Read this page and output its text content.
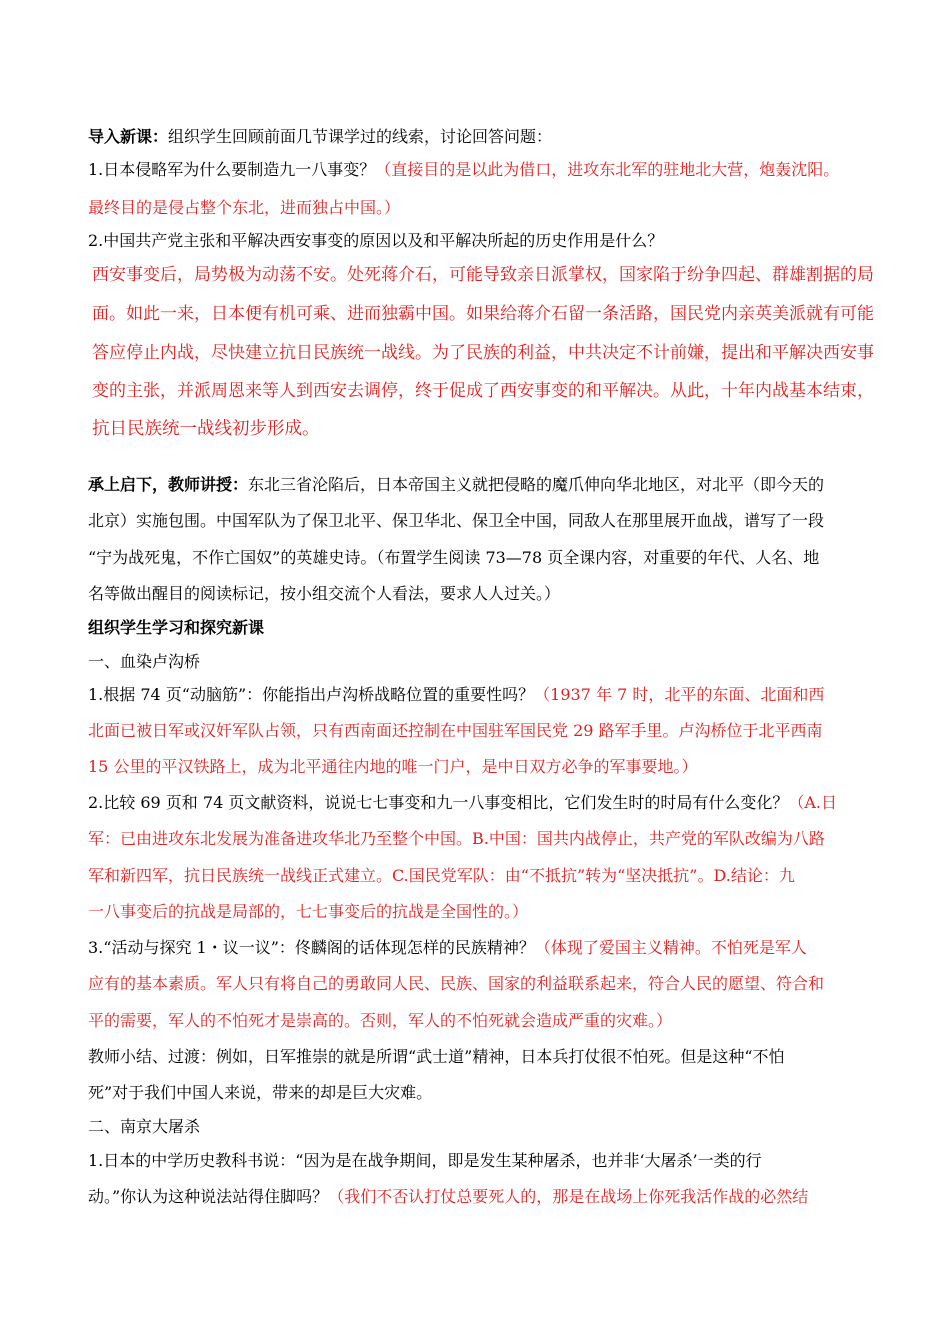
导入新课：组织学生回顾前面几节课学过的线索，讨论回答问题：
1.日本侵略军为什么要制造九一八事变？（直接目的是以此为借口，进攻东北军的驻地北大营，炮轰沈阳。
最终目的是侵占整个东北，进而独占中国。）
2.中国共产党主张和平解决西安事变的原因以及和平解决所起的历史作用是什么？
西安事变后，局势极为动荡不安。处死蒋介石，可能导致亲日派掌权，国家陷于纷争四起、群雄割据的局
面。如此一来，日本便有机可乘、进而独霸中国。如果给蒋介石留一条活路，国民党内亲英美派就有可能
答应停止内战，尽快建立抗日民族统一战线。为了民族的利益，中共决定不计前嫌，提出和平解决西安事
变的主张，并派周恩来等人到西安去调停，终于促成了西安事变的和平解决。从此，十年内战基本结束，
抗日民族统一战线初步形成。
承上启下，教师讲授：东北三省沦陷后，日本帝国主义就把侵略的魔爪伸向华北地区，对北平（即今天的
北京）实施包围。中国军队为了保卫北平、保卫华北、保卫全中国，同敌人在那里展开血战，谱写了一段
“宁为战死鬼，不作亡国奴”的英雄史诗。（布置学生阅读 73—78 页全课内容，对重要的年代、人名、地
名等做出醒目的阅读标记，按小组交流个人看法，要求人人过关。）
组织学生学习和探究新课
一、血染卢沟桥
1.根据 74 页“动脑筋”：你能指出卢沟桥战略位置的重要性吗？（1937 年 7 时，北平的东面、北面和西
北面已被日军或汉奸军队占领，只有西南面还控制在中国驻军国民党 29 路军手里。卢沟桥位于北平西南
15 公里的平汉铁路上，成为北平通往内地的唯一门户，是中日双方必争的军事要地。）
2.比较 69 页和 74 页文献资料，说说七七事变和九一八事变相比，它们发生时的时局有什么变化？（A.日
军：已由进攻东北发展为准备进攻华北乃至整个中国。B.中国：国共内战停止，共产党的军队改编为八路
军和新四军，抗日民族统一战线正式建立。C.国民党军队：由“不抵抗”转为“坚决抵抗”。D.结论：九
一八事变后的抗战是局部的，七七事变后的抗战是全国性的。）
3.“活动与探究 1・议一议”：佟麟阁的话体现怎样的民族精神？（体现了爱国主义精神。不怕死是军人
应有的基本素质。军人只有将自己的勇敢同人民、民族、国家的利益联系起来，符合人民的愿望、符合和
平的需要，军人的不怕死才是崇高的。否则，军人的不怕死就会造成严重的灾难。）
教师小结、过渡：例如，日军推崇的就是所谓“武士道”精神，日本兵打仗很不怕死。但是这种“不怕
死”对于我们中国人来说，带来的却是巨大灾难。
二、南京大屠杀
1.日本的中学历史教科书说：“因为是在战争期间，即是发生某种屠杀，也并非‘大屠杀’一类的行
动。”你认为这种说法站得住脚吗？（我们不否认打仗总要死人的，那是在战场上你死我活作战的必然结
